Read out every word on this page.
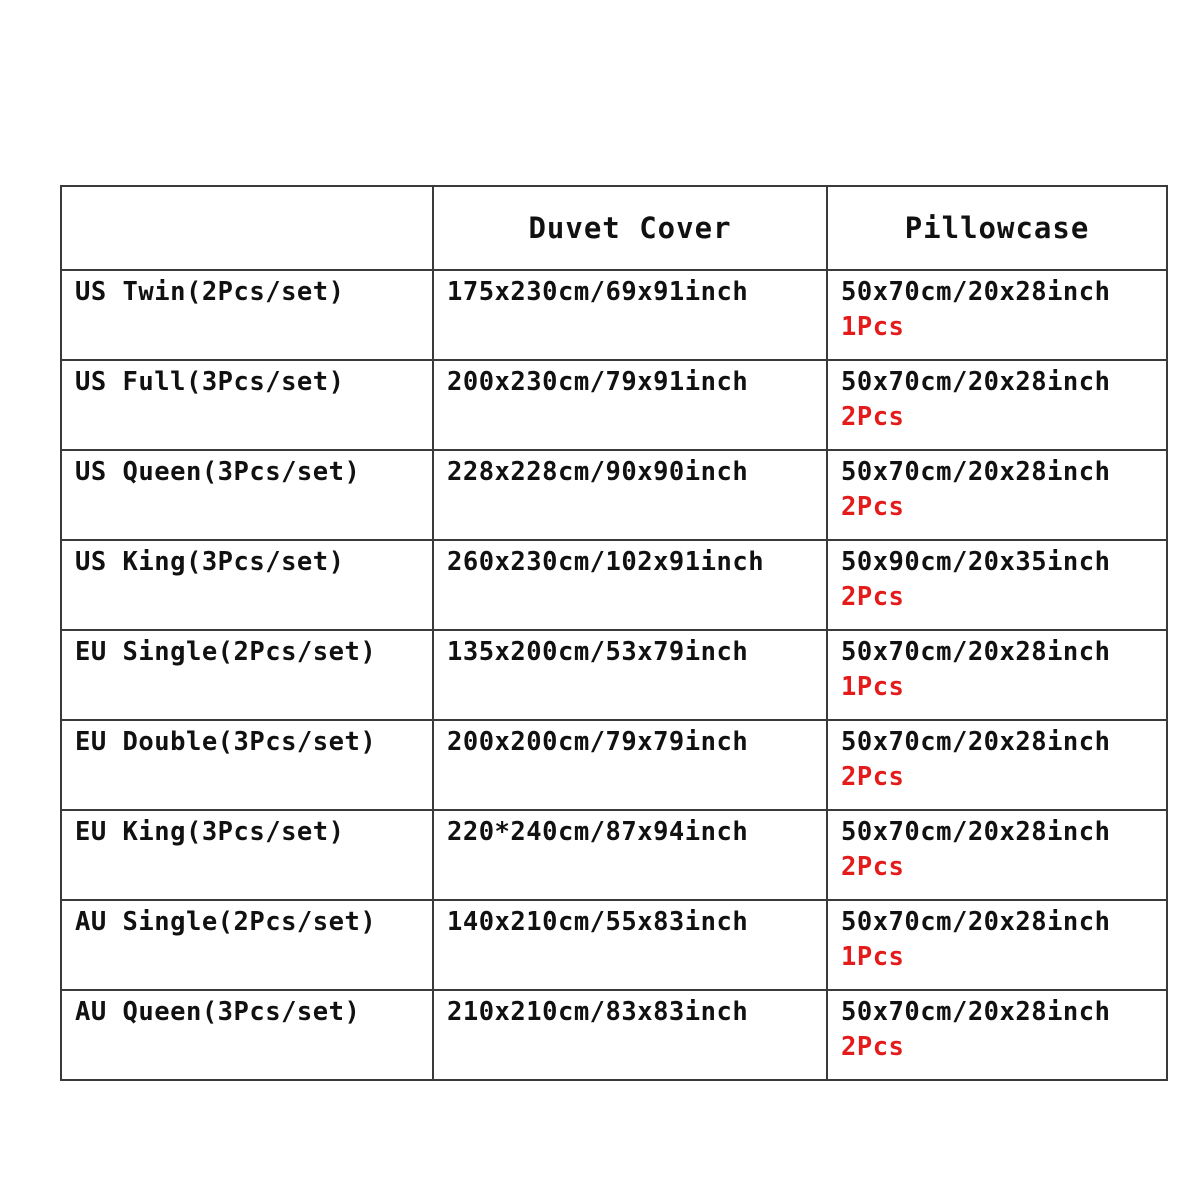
	Duvet Cover	Pillowcase
US Twin(2Pcs/set)	175x230cm/69x91inch	50x70cm/20x28inch
1Pcs

US Full(3Pcs/set)	200x230cm/79x91inch	50x70cm/20x28inch
2Pcs

US Queen(3Pcs/set)	228x228cm/90x90inch	50x70cm/20x28inch
2Pcs

US King(3Pcs/set)	260x230cm/102x91inch	50x90cm/20x35inch
2Pcs

EU Single(2Pcs/set)	135x200cm/53x79inch	50x70cm/20x28inch
1Pcs

EU Double(3Pcs/set)	200x200cm/79x79inch	50x70cm/20x28inch
2Pcs

EU King(3Pcs/set)	220*240cm/87x94inch	50x70cm/20x28inch
2Pcs

AU Single(2Pcs/set)	140x210cm/55x83inch	50x70cm/20x28inch
1Pcs

AU Queen(3Pcs/set)	210x210cm/83x83inch	50x70cm/20x28inch
2Pcs
